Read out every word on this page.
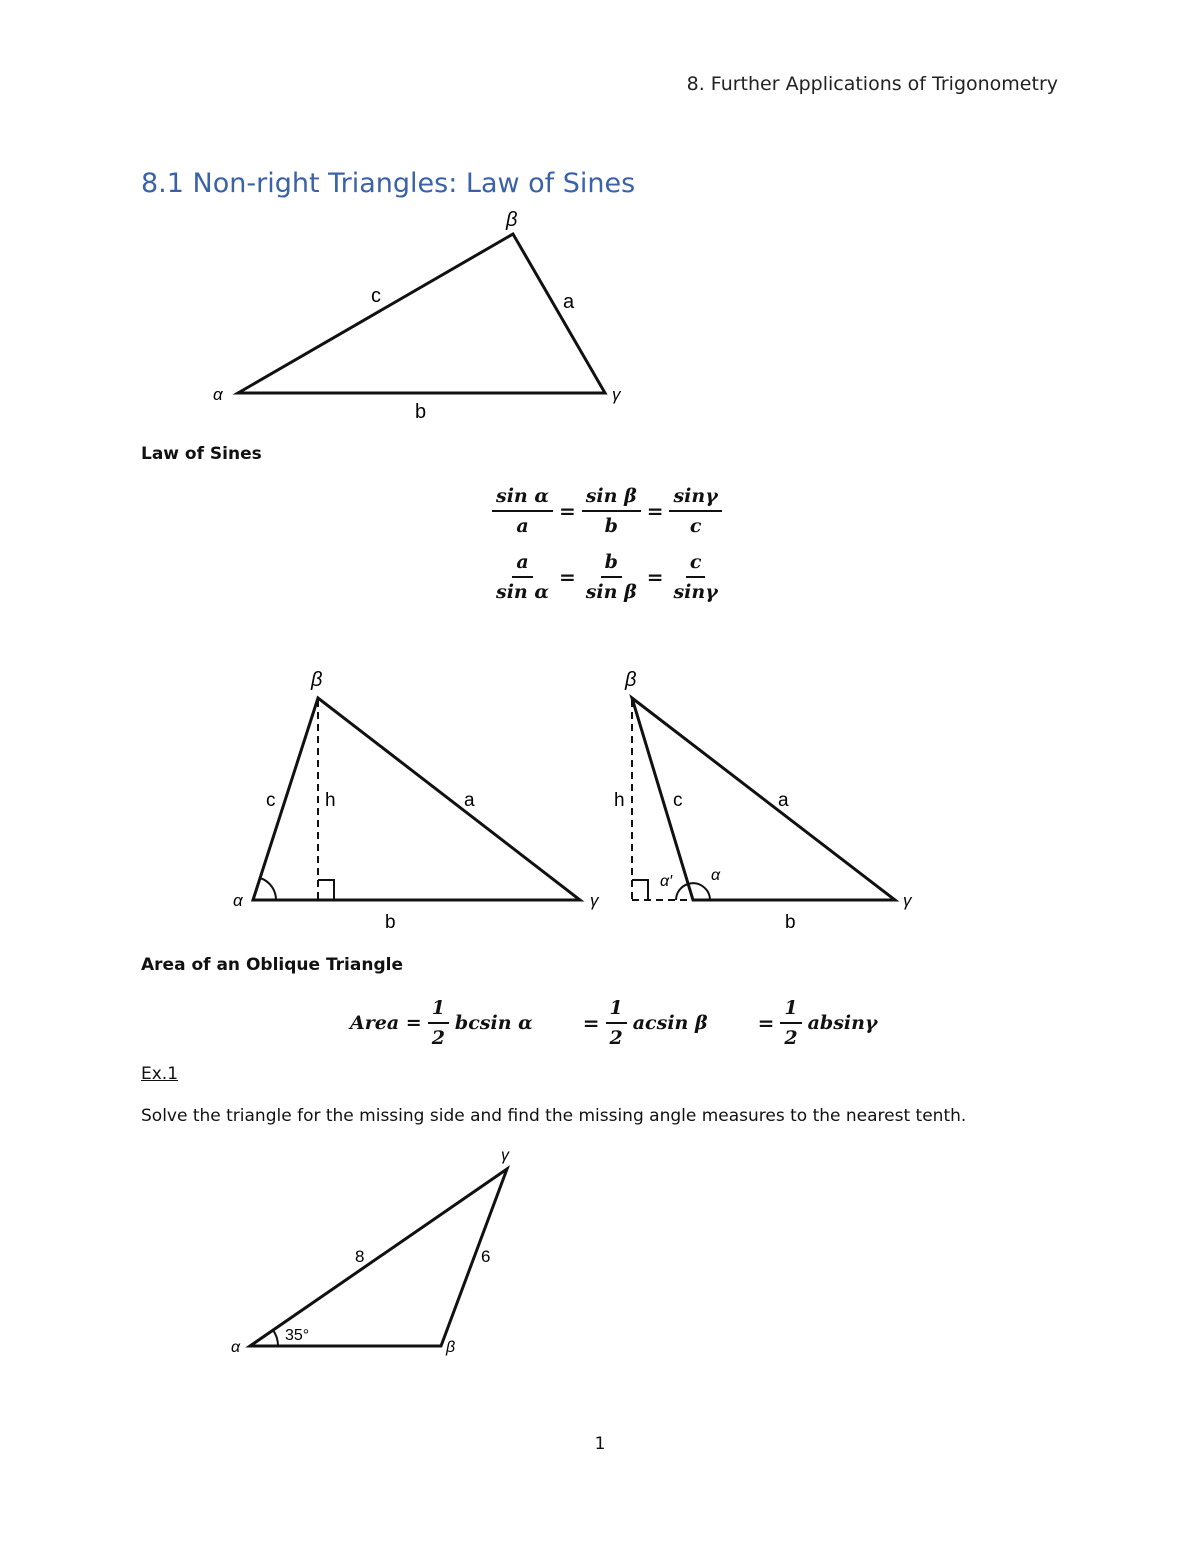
8. Further Applications of Trigonometry
8.1 Non-right Triangles: Law of Sines
β
α	γ
c	a
b
Law of Sines
$\frac{\text{sin α}}{a} = \frac{\text{sin β}}{b} = \frac{\sin\gamma}{c}$
$\frac{a}{\text{sin α}} = \frac{b}{\text{sin β}} = \frac{c}{\sin\gamma}$
β
α	γ
c	h	a
b
β
γ
h	c	a
b
α′ α
Area of an Oblique Triangle
Area = $\frac{1}{2}$ bcsin α	= $\frac{1}{2}$ acsin β	= $\frac{1}{2}$ absinγ
Ex.1
Solve the triangle for the missing side and find the missing angle measures to the nearest tenth.
γ
α	β
8	6
35°
1
